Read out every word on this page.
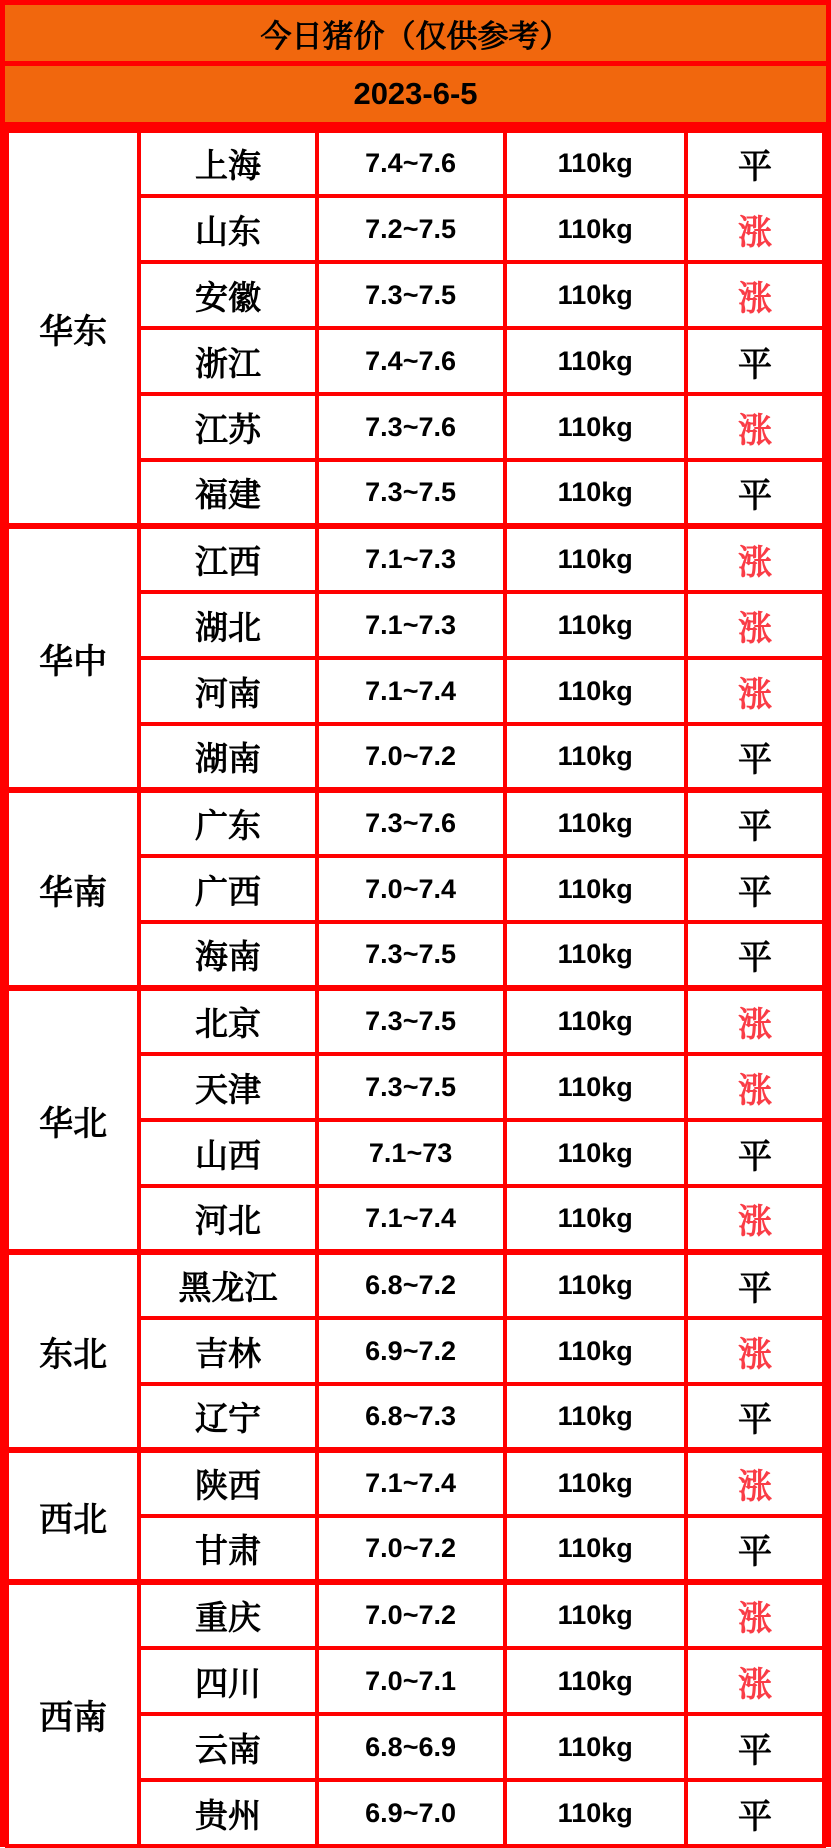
今日猪价（仅供参考）
2023-6-5
华东	上海	7.4~7.6	110kg	平
	山东	7.2~7.5	110kg	涨
	安徽	7.3~7.5	110kg	涨
	浙江	7.4~7.6	110kg	平
	江苏	7.3~7.6	110kg	涨
	福建	7.3~7.5	110kg	平
华中	江西	7.1~7.3	110kg	涨
	湖北	7.1~7.3	110kg	涨
	河南	7.1~7.4	110kg	涨
	湖南	7.0~7.2	110kg	平
华南	广东	7.3~7.6	110kg	平
	广西	7.0~7.4	110kg	平
	海南	7.3~7.5	110kg	平
华北	北京	7.3~7.5	110kg	涨
	天津	7.3~7.5	110kg	涨
	山西	7.1~73	110kg	平
	河北	7.1~7.4	110kg	涨
东北	黑龙江	6.8~7.2	110kg	平
	吉林	6.9~7.2	110kg	涨
	辽宁	6.8~7.3	110kg	平
西北	陕西	7.1~7.4	110kg	涨
	甘肃	7.0~7.2	110kg	平
西南	重庆	7.0~7.2	110kg	涨
	四川	7.0~7.1	110kg	涨
	云南	6.8~6.9	110kg	平
	贵州	6.9~7.0	110kg	平
